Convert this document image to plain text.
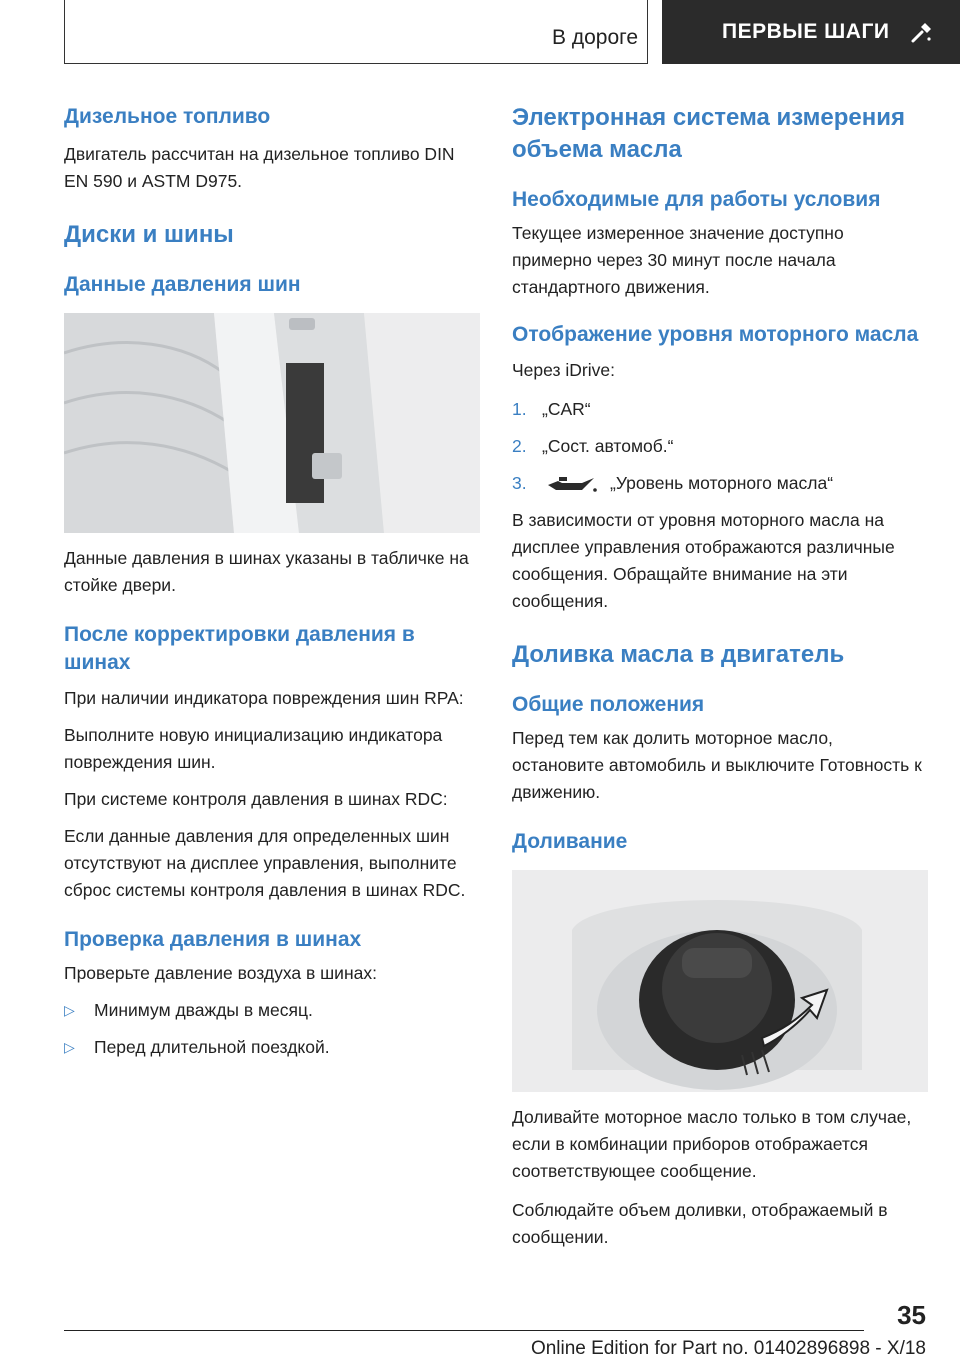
В дороге	ПЕРВЫЕ ШАГИ
Дизельное топливо

Двигатель рассчитан на дизельное топливо DIN EN 590 и ASTM D975.

Диски и шины
Данные давления шин

Данные давления в шинах указаны в табличке на стойке двери.

После корректировки давления в шинах

При наличии индикатора повреждения шин RPA:

Выполните новую инициализацию индикатора повреждения шин.

При системе контроля давления в шинах RDC:

Если данные давления для определенных шин отсутствуют на дисплее управления, выполните сброс системы контроля давления в шинах RDC.

Проверка давления в шинах

Проверьте давление воздуха в шинах:

▷	Минимум дважды в месяц.
▷	Перед длительной поездкой.
Электронная система измерения объема масла
Необходимые для работы условия

Текущее измеренное значение доступно примерно через 30 минут после начала стандартного движения.

Отображение уровня моторного масла

Через iDrive:

1. „CAR“
2. „Сост. автомоб.“
3.	„Уровень моторного масла“

В зависимости от уровня моторного масла на дисплее управления отображаются различные сообщения. Обращайте внимание на эти сообщения.

Доливка масла в двигатель
Общие положения

Перед тем как долить моторное масло, остановите автомобиль и выключите Готовность к движению.

Доливание

Доливайте моторное масло только в том случае, если в комбинации приборов отображается соответствующее сообщение.

Соблюдайте объем доливки, отображаемый в сообщении.

35
Online Edition for Part no. 01402896898 - X/18
